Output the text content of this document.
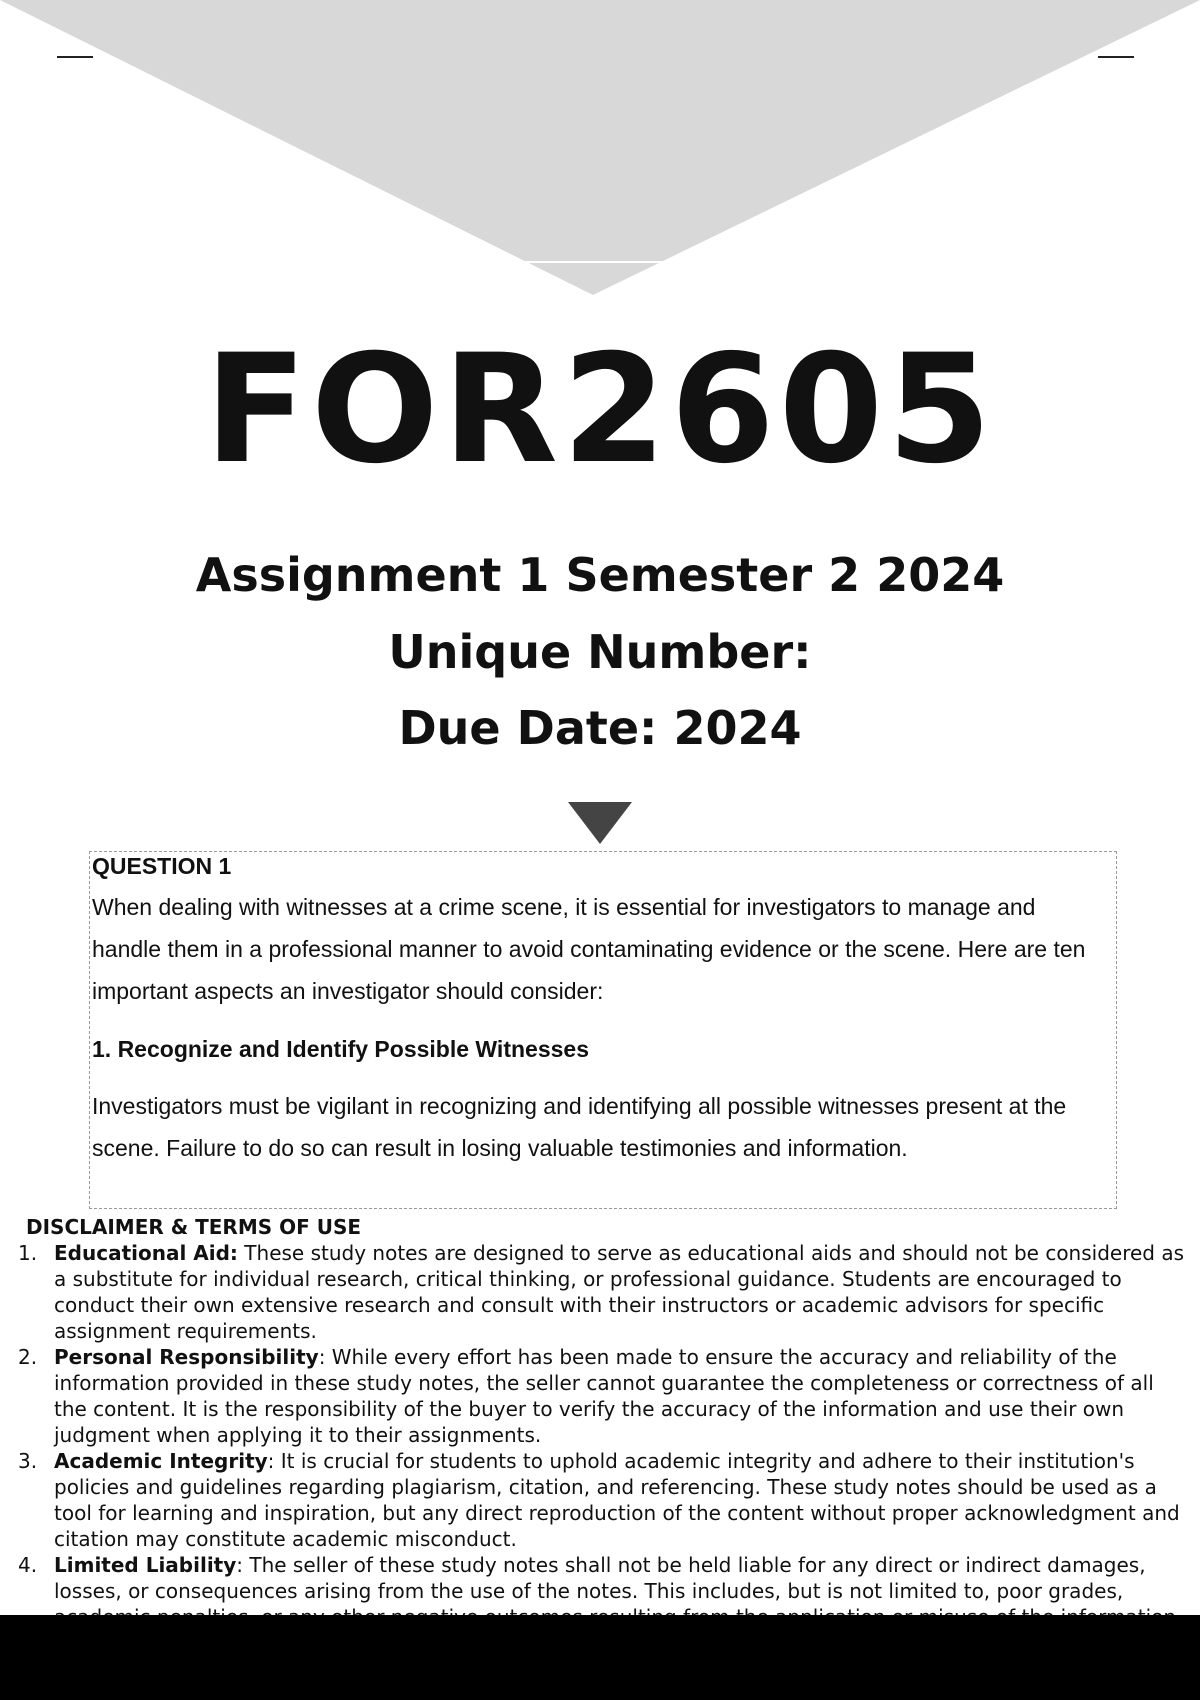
FOR2605

Assignment 1 Semester 2 2024

Unique Number:

Due Date: 2024

QUESTION 1

When dealing with witnesses at a crime scene, it is essential for investigators to manage and handle them in a professional manner to avoid contaminating evidence or the scene. Here are ten important aspects an investigator should consider:

1. Recognize and Identify Possible Witnesses

Investigators must be vigilant in recognizing and identifying all possible witnesses present at the scene. Failure to do so can result in losing valuable testimonies and information.

DISCLAIMER & TERMS OF USE

1. Educational Aid: These study notes are designed to serve as educational aids and should not be considered as a substitute for individual research, critical thinking, or professional guidance. Students are encouraged to conduct their own extensive research and consult with their instructors or academic advisors for specific assignment requirements.
2. Personal Responsibility: While every effort has been made to ensure the accuracy and reliability of the information provided in these study notes, the seller cannot guarantee the completeness or correctness of all the content. It is the responsibility of the buyer to verify the accuracy of the information and use their own judgment when applying it to their assignments.
3. Academic Integrity: It is crucial for students to uphold academic integrity and adhere to their institution's policies and guidelines regarding plagiarism, citation, and referencing. These study notes should be used as a tool for learning and inspiration, but any direct reproduction of the content without proper acknowledgment and citation may constitute academic misconduct.
4. Limited Liability: The seller of these study notes shall not be held liable for any direct or indirect damages, losses, or consequences arising from the use of the notes. This includes, but is not limited to, poor grades,
